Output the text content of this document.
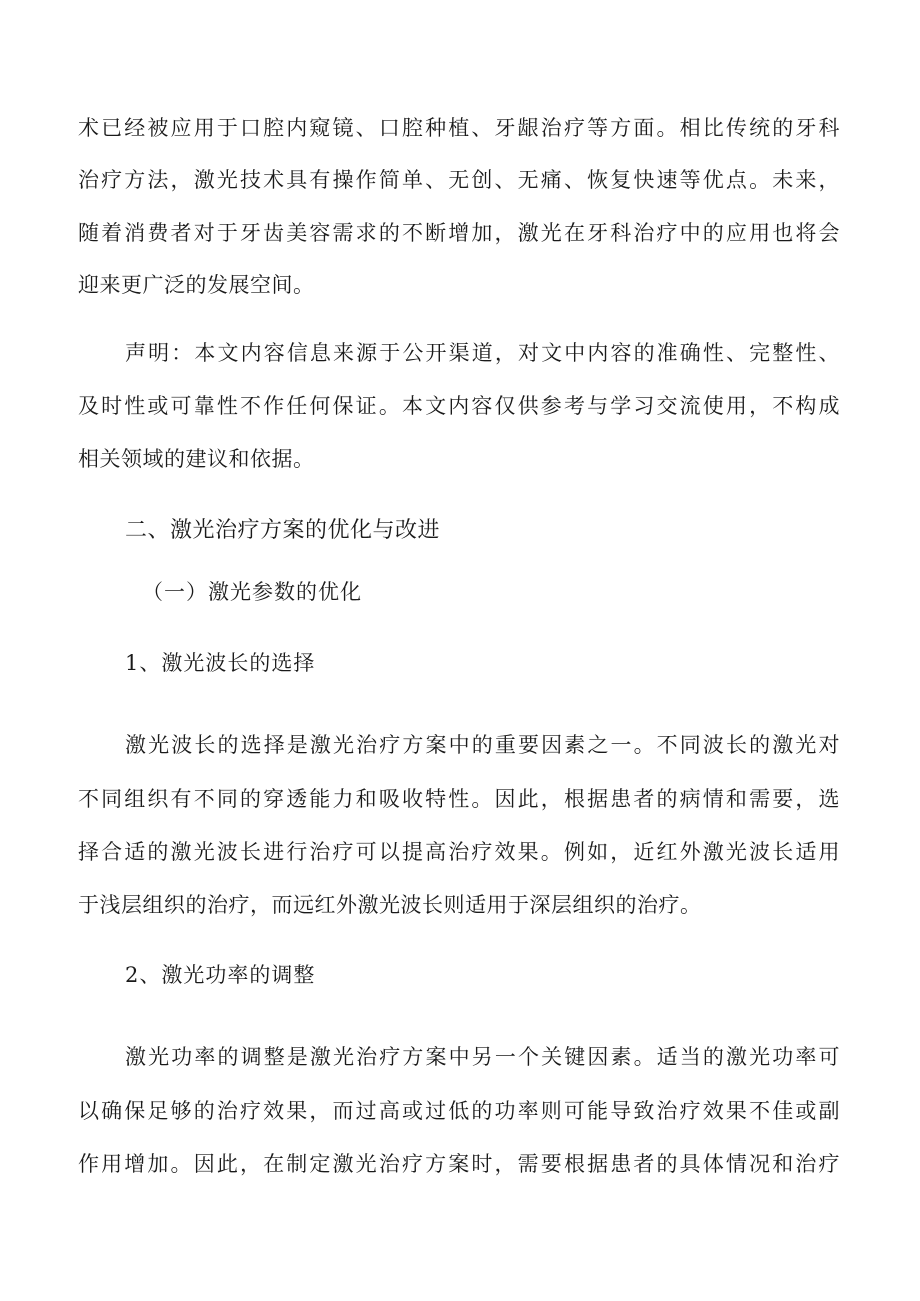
术已经被应用于口腔内窥镜、口腔种植、牙龈治疗等方面。相比传统的牙科
治疗方法，激光技术具有操作简单、无创、无痛、恢复快速等优点。未来，
随着消费者对于牙齿美容需求的不断增加，激光在牙科治疗中的应用也将会
迎来更广泛的发展空间。
声明：本文内容信息来源于公开渠道，对文中内容的准确性、完整性、
及时性或可靠性不作任何保证。本文内容仅供参考与学习交流使用，不构成
相关领域的建议和依据。
二、激光治疗方案的优化与改进
（一）激光参数的优化
1、激光波长的选择
激光波长的选择是激光治疗方案中的重要因素之一。不同波长的激光对
不同组织有不同的穿透能力和吸收特性。因此，根据患者的病情和需要，选
择合适的激光波长进行治疗可以提高治疗效果。例如，近红外激光波长适用
于浅层组织的治疗，而远红外激光波长则适用于深层组织的治疗。
2、激光功率的调整
激光功率的调整是激光治疗方案中另一个关键因素。适当的激光功率可
以确保足够的治疗效果，而过高或过低的功率则可能导致治疗效果不佳或副
作用增加。因此，在制定激光治疗方案时，需要根据患者的具体情况和治疗
